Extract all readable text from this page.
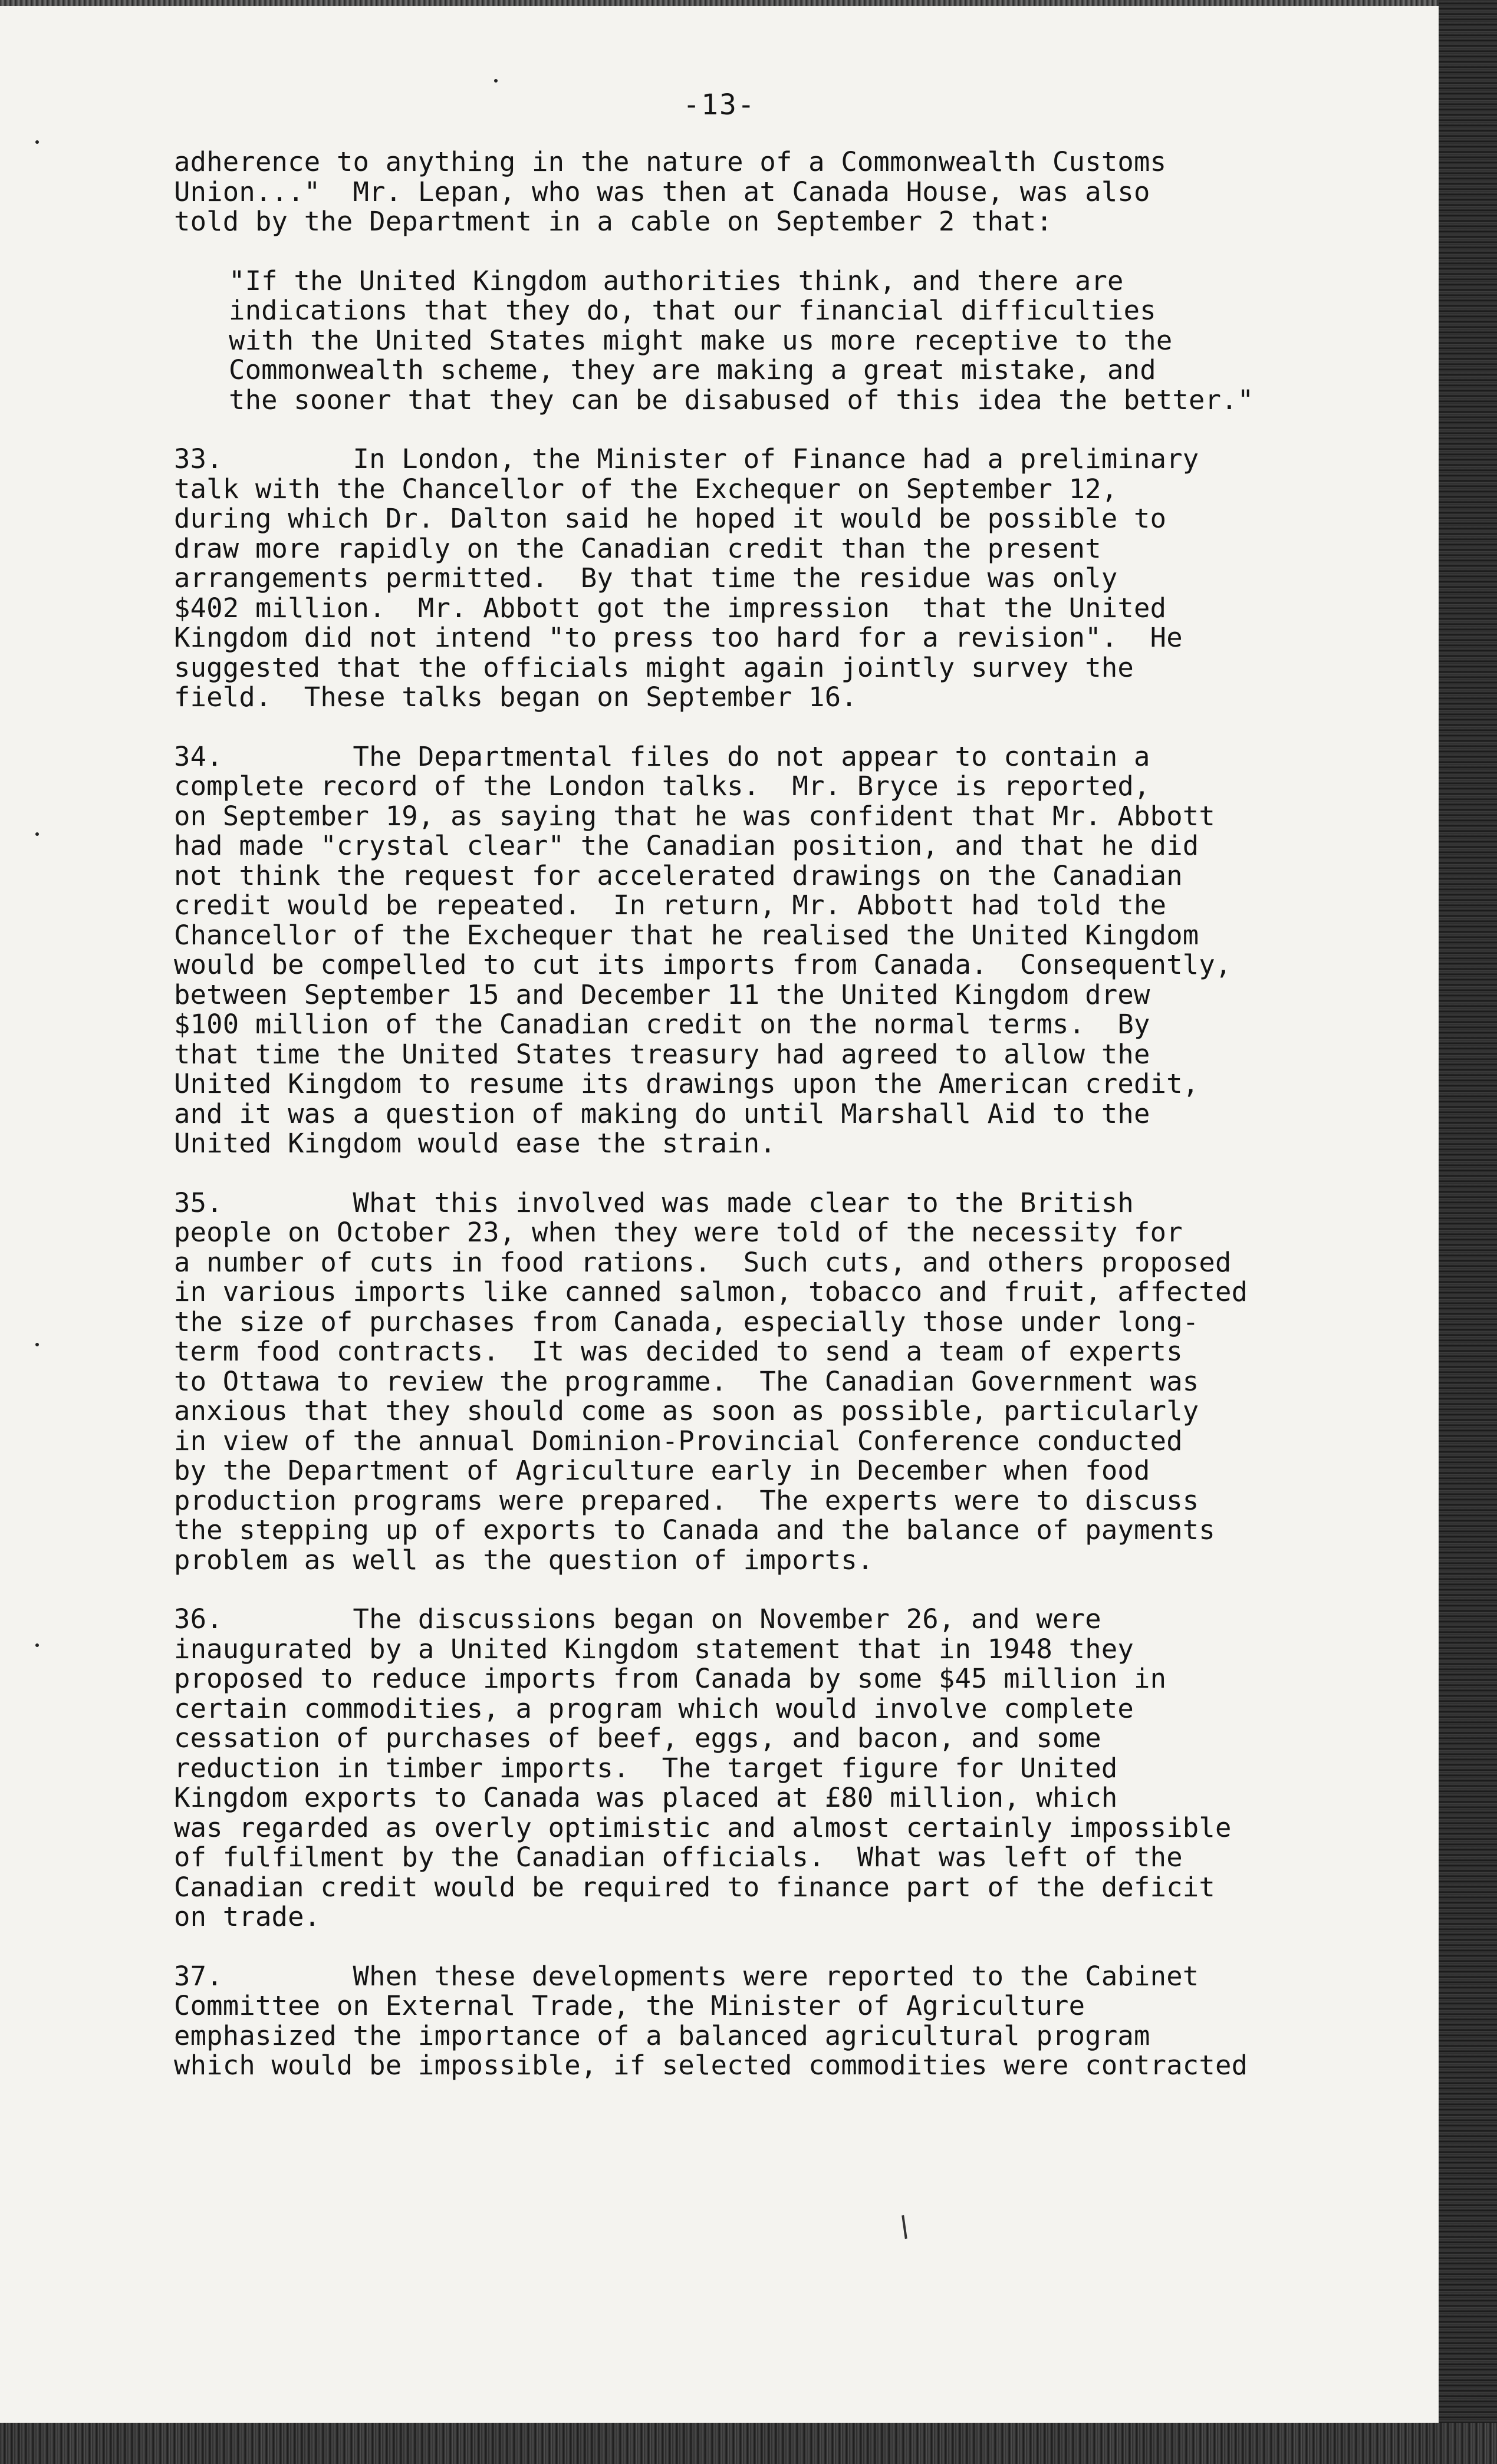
-13-
adherence to anything in the nature of a Commonwealth Customs
Union..."  Mr. Lepan, who was then at Canada House, was also
told by the Department in a cable on September 2 that:
"If the United Kingdom authorities think, and there are
indications that they do, that our financial difficulties
with the United States might make us more receptive to the
Commonwealth scheme, they are making a great mistake, and
the sooner that they can be disabused of this idea the better."
33.        In London, the Minister of Finance had a preliminary
talk with the Chancellor of the Exchequer on September 12,
during which Dr. Dalton said he hoped it would be possible to
draw more rapidly on the Canadian credit than the present
arrangements permitted.  By that time the residue was only
$402 million.  Mr. Abbott got the impression  that the United
Kingdom did not intend "to press too hard for a revision".  He
suggested that the officials might again jointly survey the
field.  These talks began on September 16.
34.        The Departmental files do not appear to contain a
complete record of the London talks.  Mr. Bryce is reported,
on September 19, as saying that he was confident that Mr. Abbott
had made "crystal clear" the Canadian position, and that he did
not think the request for accelerated drawings on the Canadian
credit would be repeated.  In return, Mr. Abbott had told the
Chancellor of the Exchequer that he realised the United Kingdom
would be compelled to cut its imports from Canada.  Consequently,
between September 15 and December 11 the United Kingdom drew
$100 million of the Canadian credit on the normal terms.  By
that time the United States treasury had agreed to allow the
United Kingdom to resume its drawings upon the American credit,
and it was a question of making do until Marshall Aid to the
United Kingdom would ease the strain.
35.        What this involved was made clear to the British
people on October 23, when they were told of the necessity for
a number of cuts in food rations.  Such cuts, and others proposed
in various imports like canned salmon, tobacco and fruit, affected
the size of purchases from Canada, especially those under long-
term food contracts.  It was decided to send a team of experts
to Ottawa to review the programme.  The Canadian Government was
anxious that they should come as soon as possible, particularly
in view of the annual Dominion-Provincial Conference conducted
by the Department of Agriculture early in December when food
production programs were prepared.  The experts were to discuss
the stepping up of exports to Canada and the balance of payments
problem as well as the question of imports.
36.        The discussions began on November 26, and were
inaugurated by a United Kingdom statement that in 1948 they
proposed to reduce imports from Canada by some $45 million in
certain commodities, a program which would involve complete
cessation of purchases of beef, eggs, and bacon, and some
reduction in timber imports.  The target figure for United
Kingdom exports to Canada was placed at £80 million, which
was regarded as overly optimistic and almost certainly impossible
of fulfilment by the Canadian officials.  What was left of the
Canadian credit would be required to finance part of the deficit
on trade.
37.        When these developments were reported to the Cabinet
Committee on External Trade, the Minister of Agriculture
emphasized the importance of a balanced agricultural program
which would be impossible, if selected commodities were contracted
